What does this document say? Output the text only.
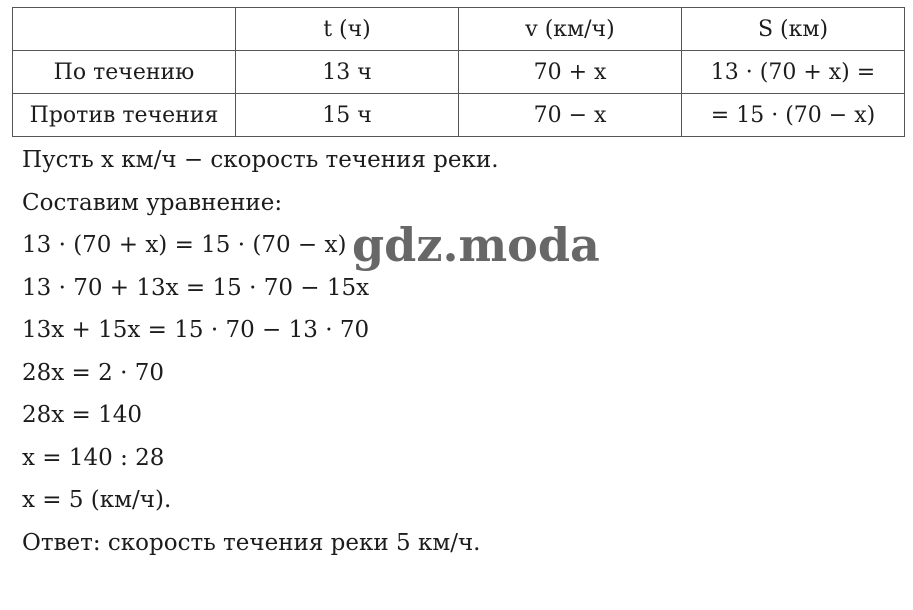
	t (ч)	v (км/ч)	S (км)
По течению	13 ч	70 + x	13 · (70 + x) =
Против течения	15 ч	70 − x	= 15 · (70 − x)
Пусть x км/ч − скорость течения реки.
Составим уравнение:
13 · (70 + x) = 15 · (70 − x)
13 · 70 + 13x = 15 · 70 − 15x
13x + 15x = 15 · 70 − 13 · 70
28x = 2 · 70
28x = 140
x = 140 : 28
x = 5 (км/ч).
Ответ: скорость течения реки 5 км/ч.
gdz.moda
